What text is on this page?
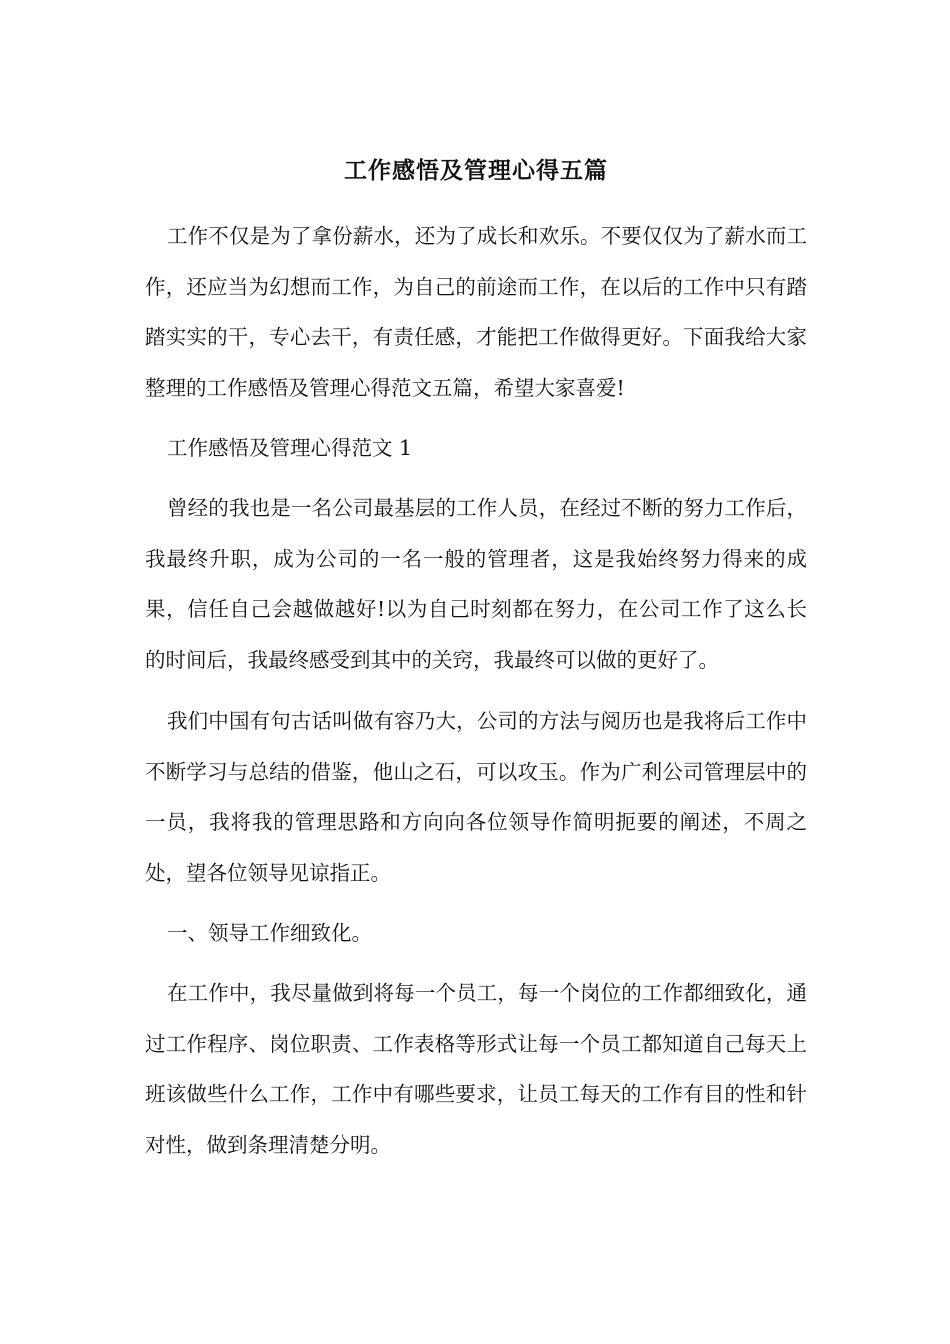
工作感悟及管理心得五篇

工作不仅是为了拿份薪水，还为了成长和欢乐。不要仅仅为了薪水而工作，还应当为幻想而工作，为自己的前途而工作，在以后的工作中只有踏踏实实的干，专心去干，有责任感，才能把工作做得更好。下面我给大家整理的工作感悟及管理心得范文五篇，希望大家喜爱!

工作感悟及管理心得范文 1

曾经的我也是一名公司最基层的工作人员，在经过不断的努力工作后，我最终升职，成为公司的一名一般的管理者，这是我始终努力得来的成果，信任自己会越做越好!以为自己时刻都在努力，在公司工作了这么长的时间后，我最终感受到其中的关窍，我最终可以做的更好了。

我们中国有句古话叫做有容乃大，公司的方法与阅历也是我将后工作中不断学习与总结的借鉴，他山之石，可以攻玉。作为广利公司管理层中的一员，我将我的管理思路和方向向各位领导作简明扼要的阐述，不周之处，望各位领导见谅指正。

一、领导工作细致化。

在工作中，我尽量做到将每一个员工，每一个岗位的工作都细致化，通过工作程序、岗位职责、工作表格等形式让每一个员工都知道自己每天上班该做些什么工作，工作中有哪些要求，让员工每天的工作有目的性和针对性，做到条理清楚分明。
